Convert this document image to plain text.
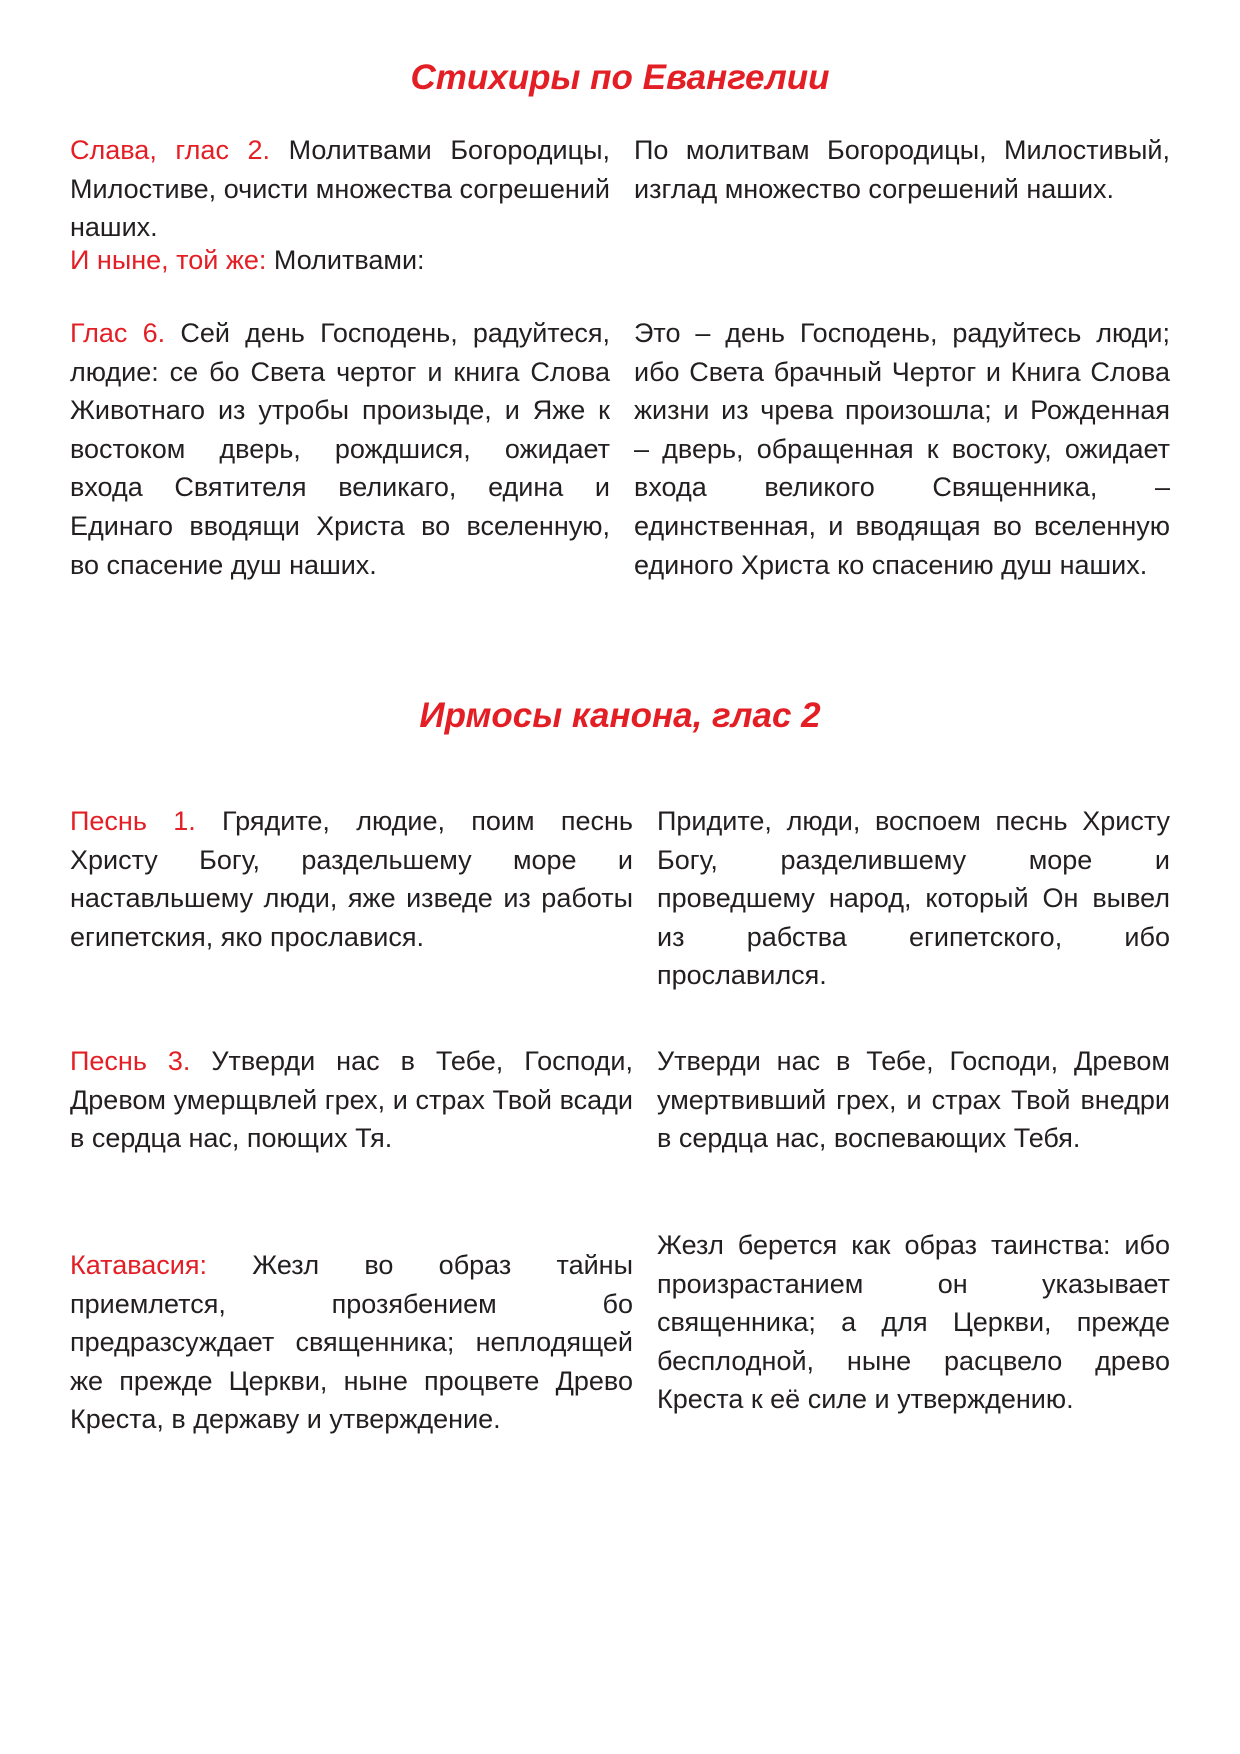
Стихиры по Евангелии

Слава, глас 2. Молитвами Богородицы, Милостиве, очисти множества согрешений наших.

По молитвам Богородицы, Милостивый, изглад множество согрешений наших.

И ныне, той же: Молитвами:

Глас 6. Сей день Господень, радуйтеся, людие: се бо Света чертог и книга Слова Животнаго из утробы произыде, и Яже к востоком дверь, рождшися, ожидает входа Святителя великаго, едина и Единаго вводящи Христа во вселенную, во спасение душ наших.

Это – день Господень, радуйтесь люди; ибо Света брачный Чертог и Книга Слова жизни из чрева произошла; и Рожденная – дверь, обращенная к востоку, ожидает входа великого Священника, – единственная, и вводящая во вселенную единого Христа ко спасению душ наших.

Ирмосы канона, глас 2

Песнь 1. Грядите, людие, поим песнь Христу Богу, раздельшему море и наставльшему люди, яже изведе из работы египетския, яко прославися.

Придите, люди, воспоем песнь Христу Богу, разделившему море и проведшему народ, который Он вывел из рабства египетского, ибо прославился.

Песнь 3. Утверди нас в Тебе, Господи, Древом умерщвлей грех, и страх Твой всади в сердца нас, поющих Тя.

Утверди нас в Тебе, Господи, Древом умертвивший грех, и страх Твой внедри в сердца нас, воспевающих Тебя.

Катавасия: Жезл во образ тайны приемлется, прозябением бо предразсуждает священника; неплодящей же прежде Церкви, ныне процвете Древо Креста, в державу и утверждение.

Жезл берется как образ таинства: ибо произрастанием он указывает священника; а для Церкви, прежде бесплодной, ныне расцвело древо Креста к её силе и утверждению.
